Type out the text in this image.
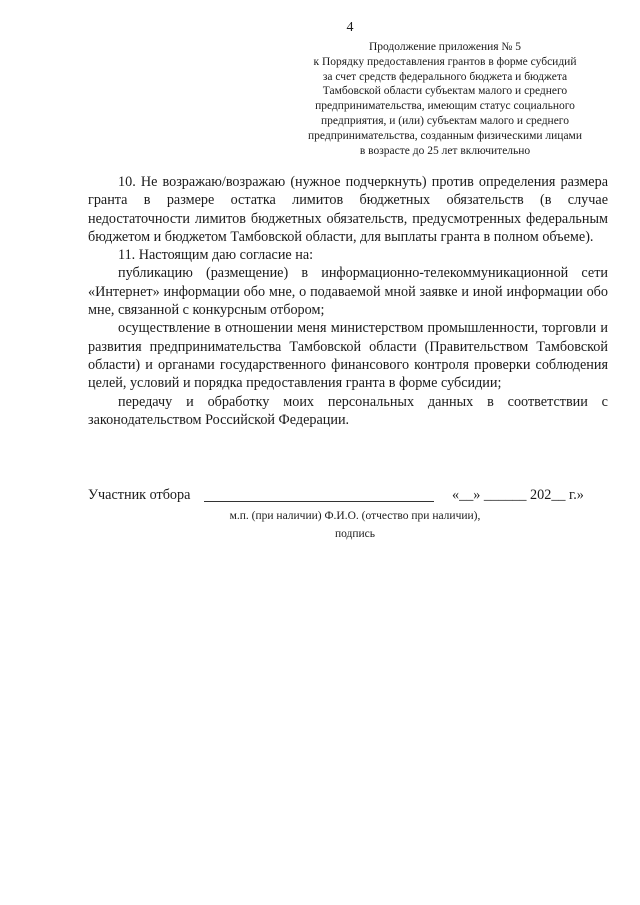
4
Продолжение приложения № 5
к Порядку предоставления грантов в форме субсидий
за счет средств федерального бюджета и бюджета
Тамбовской области субъектам малого и среднего
предпринимательства, имеющим статус социального
предприятия, и (или) субъектам малого и среднего
предпринимательства, созданным физическими лицами
в возрасте до 25 лет включительно

10. Не возражаю/возражаю (нужное подчеркнуть) против определения размера гранта в размере остатка лимитов бюджетных обязательств (в случае недостаточности лимитов бюджетных обязательств, предусмотренных федеральным бюджетом и бюджетом Тамбовской области, для выплаты гранта в полном объеме).

11. Настоящим даю согласие на:

публикацию (размещение) в информационно-телекоммуникационной сети «Интернет» информации обо мне, о подаваемой мной заявке и иной информации обо мне, связанной с конкурсным отбором;

осуществление в отношении меня министерством промышленности, торговли и развития предпринимательства Тамбовской области (Правительством Тамбовской области) и органами государственного финансового контроля проверки соблюдения целей, условий и порядка предоставления гранта в форме субсидии;

передачу и обработку моих персональных данных в соответствии с законодательством Российской Федерации.

Участник отбора	«__» ______ 202__ г.»
м.п. (при наличии) Ф.И.О. (отчество при наличии),
подпись
